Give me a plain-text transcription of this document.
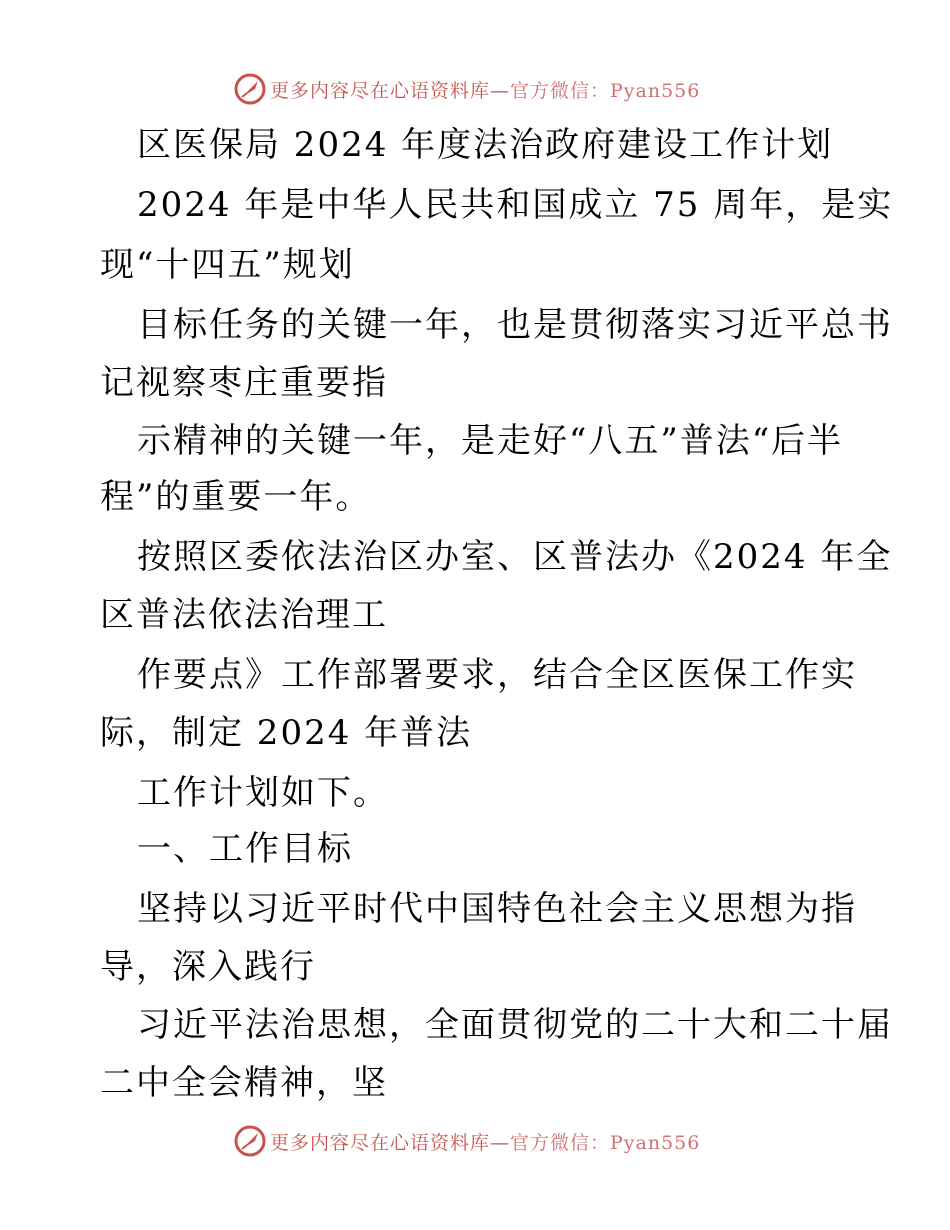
更多内容尽在心语资料库—官方微信：Pyan556
区医保局 2024 年度法治政府建设工作计划
2024 年是中华人民共和国成立 75 周年，是实
现“十四五”规划
目标任务的关键一年，也是贯彻落实习近平总书
记视察枣庄重要指
示精神的关键一年，是走好“八五”普法“后半
程”的重要一年。
按照区委依法治区办室、区普法办《2024 年全
区普法依法治理工
作要点》工作部署要求，结合全区医保工作实
际，制定 2024 年普法
工作计划如下。
一、工作目标
坚持以习近平时代中国特色社会主义思想为指
导，深入践行
习近平法治思想，全面贯彻党的二十大和二十届
二中全会精神，坚
更多内容尽在心语资料库—官方微信：Pyan556
